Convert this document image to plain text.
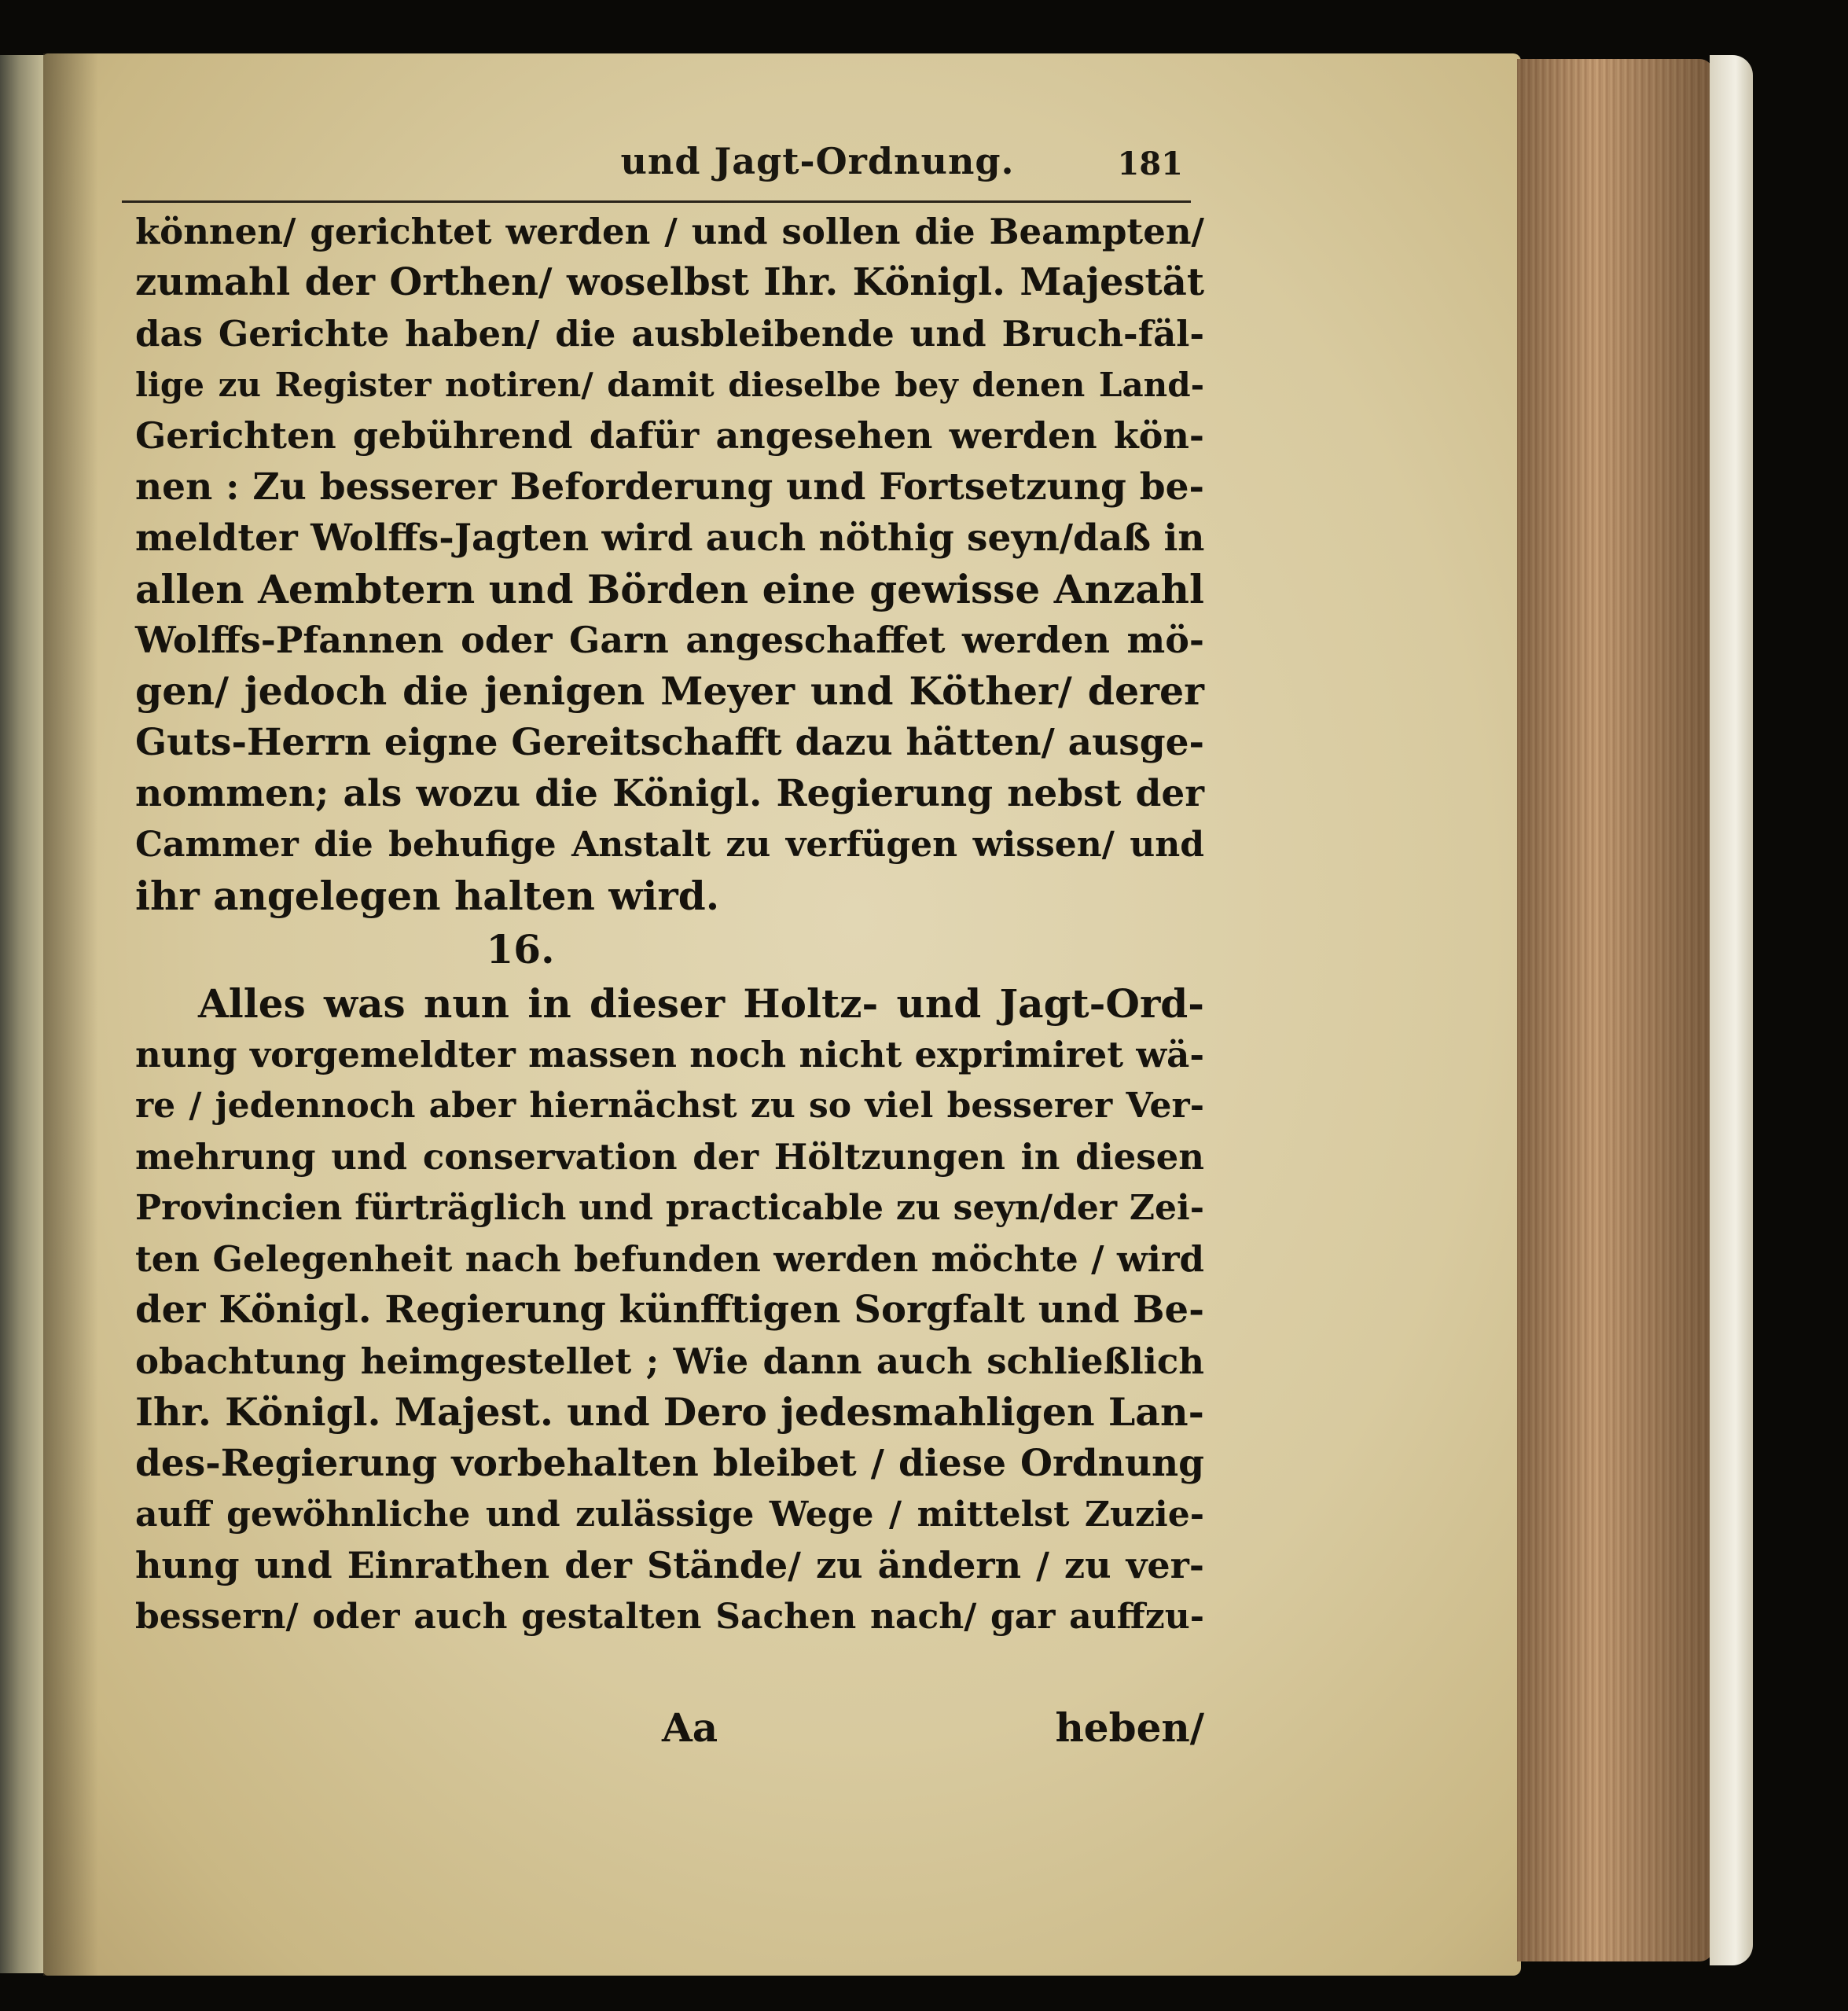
und Jagt-Ordnung.	181
können/ gerichtet werden / und sollen die Beampten/
zumahl der Orthen/ woselbst Ihr. Königl. Majestät
das Gerichte haben/ die ausbleibende und Bruch-fäl-
lige zu Register notiren/ damit dieselbe bey denen Land-
Gerichten gebührend dafür angesehen werden kön-
nen : Zu besserer Beforderung und Fortsetzung be-
meldter Wolffs-Jagten wird auch nöthig seyn/daß in
allen Aembtern und Börden eine gewisse Anzahl
Wolffs-Pfannen oder Garn angeschaffet werden mö-
gen/ jedoch die jenigen Meyer und Köther/ derer
Guts-Herrn eigne Gereitschafft dazu hätten/ ausge-
nommen; als wozu die Königl. Regierung nebst der
Cammer die behufige Anstalt zu verfügen wissen/ und
ihr angelegen halten wird.
16.
Alles was nun in dieser Holtz- und Jagt-Ord-
nung vorgemeldter massen noch nicht exprimiret wä-
re / jedennoch aber hiernächst zu so viel besserer Ver-
mehrung und conservation der Höltzungen in diesen
Provincien fürträglich und practicable zu seyn/der Zei-
ten Gelegenheit nach befunden werden möchte / wird
der Königl. Regierung künfftigen Sorgfalt und Be-
obachtung heimgestellet ; Wie dann auch schließlich
Ihr. Königl. Majest. und Dero jedesmahligen Lan-
des-Regierung vorbehalten bleibet / diese Ordnung
auff gewöhnliche und zulässige Wege / mittelst Zuzie-
hung und Einrathen der Stände/ zu ändern / zu ver-
bessern/ oder auch gestalten Sachen nach/ gar auffzu-
Aa	heben/
